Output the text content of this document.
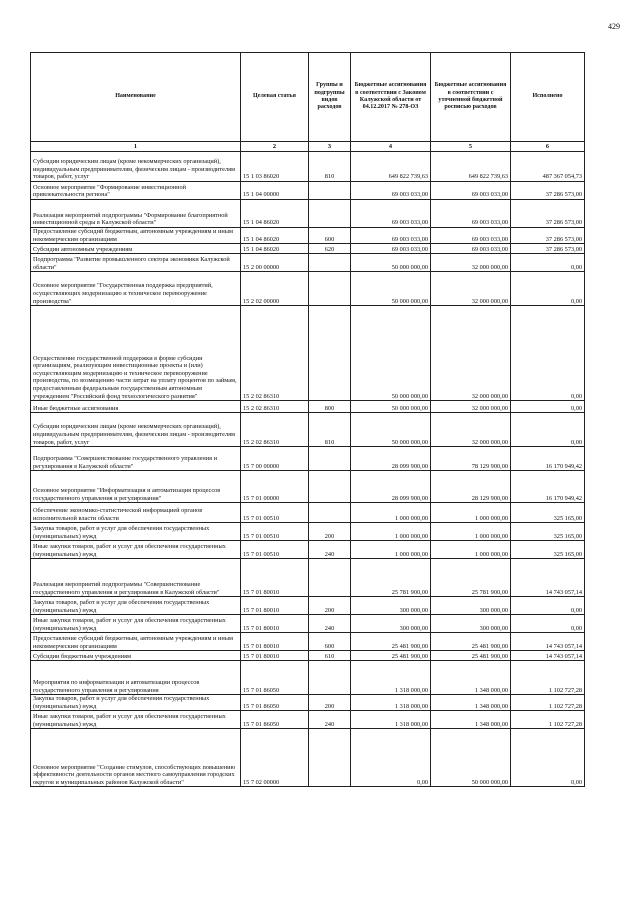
429
Наименование	Целевая статья	Группы и подгруппы видов расходов	Бюджетные ассигнования в соответствии с Законом Калужской области от 04.12.2017 № 278-ОЗ	Бюджетные ассигнования в соответствии с уточненной бюджетной росписью расходов	Исполнено
1	2	3	4	5	6
Субсидии юридическим лицам (кроме некоммерческих организаций), индивидуальным предпринимателям, физическим лицам - производителям товаров, работ, услуг	15 1 03 86020	810	649 822 739,63	649 822 739,63	487 367 054,73
Основное мероприятие "Формирование инвестиционной привлекательности региона"	15 1 04 00000		69 003 033,00	69 003 033,00	37 286 573,00
Реализация мероприятий подпрограммы "Формирование благоприятной инвестиционной среды в Калужской области"	15 1 04 86020		69 003 033,00	69 003 033,00	37 286 573,00
Предоставление субсидий бюджетным, автономным учреждениям и иным некоммерческим организациям	15 1 04 86020	600	69 003 033,00	69 003 033,00	37 286 573,00
Субсидии автономным учреждениям	15 1 04 86020	620	69 003 033,00	69 003 033,00	37 286 573,00
Подпрограмма "Развитие промышленного сектора экономики Калужской области"	15 2 00 00000		50 000 000,00	32 000 000,00	0,00
Основное мероприятие "Государственная поддержка предприятий, осуществляющих модернизацию и техническое перевооружение производства"	15 2 02 00000		50 000 000,00	32 000 000,00	0,00
Осуществление государственной поддержки в форме субсидии организациям, реализующим инвестиционные проекты и (или) осуществляющим модернизацию и техническое перевооружение производства, по возмещению части затрат на уплату процентов по займам, предоставленным федеральным государственным автономным учреждением "Российский фонд технологического развития"	15 2 02 86310		50 000 000,00	32 000 000,00	0,00
Иные бюджетные ассигнования	15 2 02 86310	800	50 000 000,00	32 000 000,00	0,00
Субсидии юридическим лицам (кроме некоммерческих организаций), индивидуальным предпринимателям, физическим лицам - производителям товаров, работ, услуг	15 2 02 86310	810	50 000 000,00	32 000 000,00	0,00
Подпрограмма "Совершенствование государственного управления и регулирования в Калужской области"	15 7 00 00000		28 099 900,00	78 129 900,00	16 170 949,42
Основное мероприятие "Информатизация и автоматизация процессов государственного управления и регулирования"	15 7 01 00000		28 099 900,00	28 129 900,00	16 170 949,42
Обеспечение экономико-статистической информацией органов исполнительной власти области	15 7 01 00510		1 000 000,00	1 000 000,00	325 165,00
Закупка товаров, работ и услуг для обеспечения государственных (муниципальных) нужд	15 7 01 00510	200	1 000 000,00	1 000 000,00	325 165,00
Иные закупки товаров, работ и услуг для обеспечения государственных (муниципальных) нужд	15 7 01 00510	240	1 000 000,00	1 000 000,00	325 165,00
Реализация мероприятий подпрограммы "Совершенствование государственного управления и регулирования в Калужской области"	15 7 01 80010		25 781 900,00	25 781 900,00	14 743 057,14
Закупка товаров, работ и услуг для обеспечения государственных (муниципальных) нужд	15 7 01 80010	200	300 000,00	300 000,00	0,00
Иные закупки товаров, работ и услуг для обеспечения государственных (муниципальных) нужд	15 7 01 80010	240	300 000,00	300 000,00	0,00
Предоставление субсидий бюджетным, автономным учреждениям и иным некоммерческим организациям	15 7 01 80010	600	25 481 900,00	25 481 900,00	14 743 057,14
Субсидии бюджетным учреждениям	15 7 01 80010	610	25 481 900,00	25 481 900,00	14 743 057,14
Мероприятия по информатизации и автоматизации процессов государственного управления и регулирования	15 7 01 86050		1 318 000,00	1 348 000,00	1 102 727,28
Закупка товаров, работ и услуг для обеспечения государственных (муниципальных) нужд	15 7 01 86050	200	1 318 000,00	1 348 000,00	1 102 727,28
Иные закупки товаров, работ и услуг для обеспечения государственных (муниципальных) нужд	15 7 01 86050	240	1 318 000,00	1 348 000,00	1 102 727,28
Основное мероприятие "Создание стимулов, способствующих повышению эффективности деятельности органов местного самоуправления городских округов и муниципальных районов Калужской области"	15 7 02 00000		0,00	50 000 000,00	0,00
